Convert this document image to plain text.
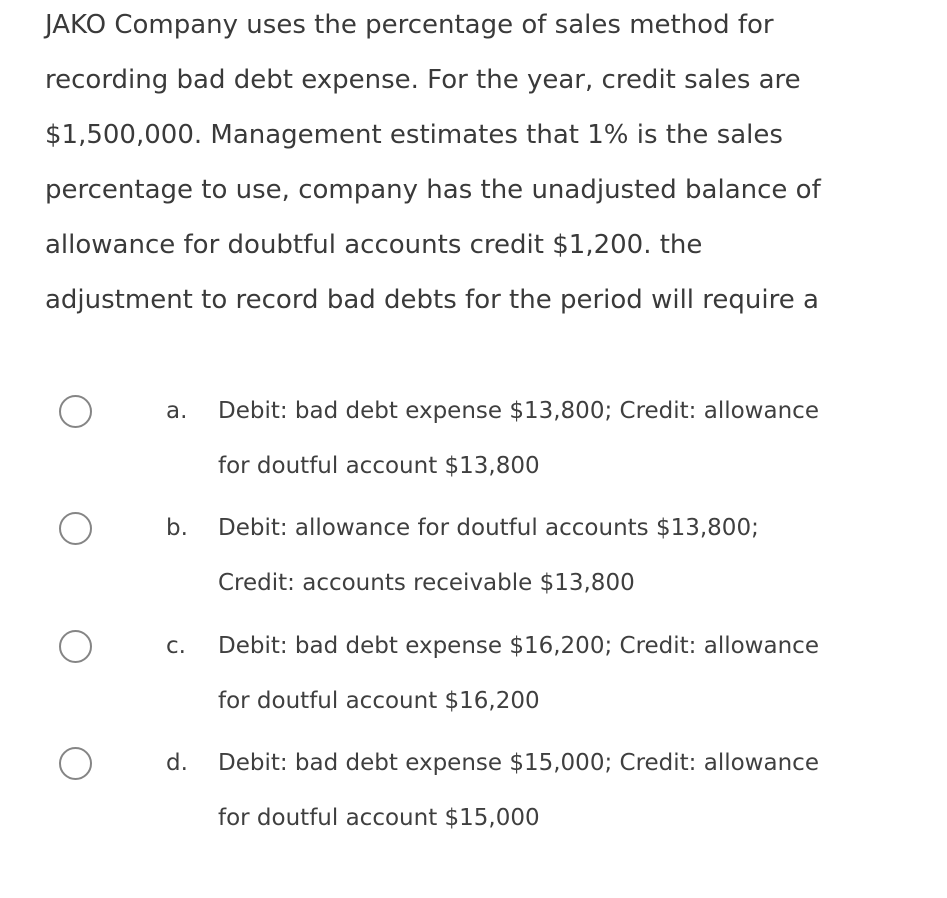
JAKO Company uses the percentage of sales method for
recording bad debt expense. For the year, credit sales are
$1,500,000. Management estimates that 1% is the sales
percentage to use, company has the unadjusted balance of
allowance for doubtful accounts credit $1,200. the
adjustment to record bad debts for the period will require a
a. Debit: bad debt expense $13,800; Credit: allowance
for doutful account $13,800
b. Debit: allowance for doutful accounts $13,800;
Credit: accounts receivable $13,800
c. Debit: bad debt expense $16,200; Credit: allowance
for doutful account $16,200
d. Debit: bad debt expense $15,000; Credit: allowance
for doutful account $15,000
